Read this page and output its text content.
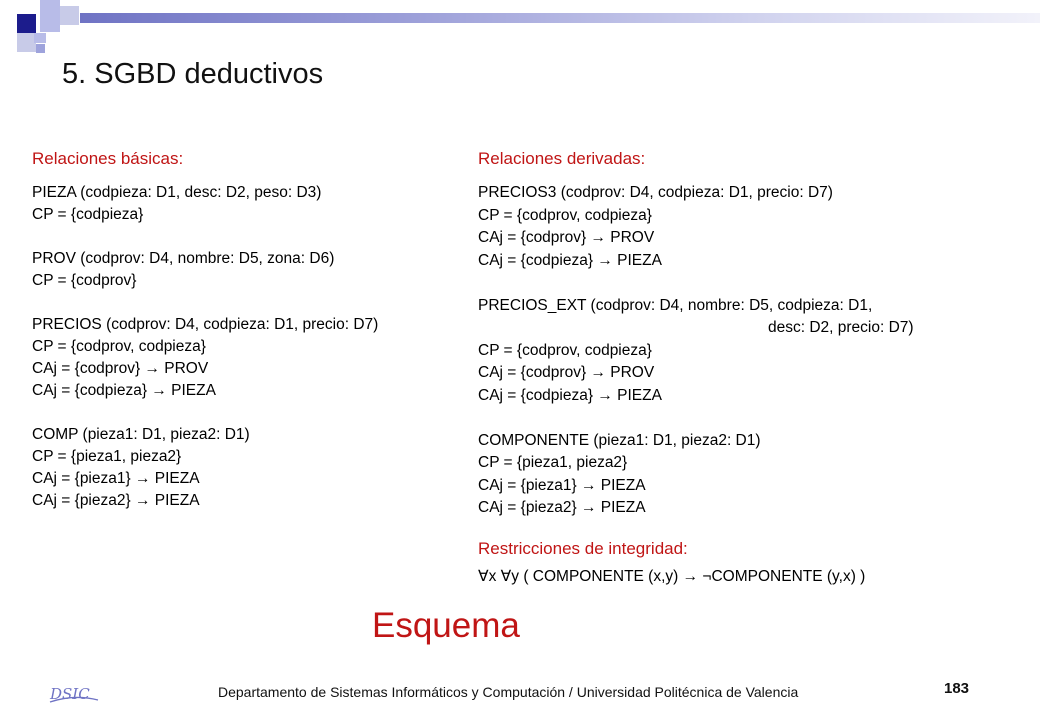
5. SGBD deductivos
Relaciones básicas:
PIEZA (codpieza: D1, desc: D2, peso: D3)
CP = {codpieza}
PROV (codprov: D4, nombre: D5, zona: D6)
CP = {codprov}
PRECIOS (codprov: D4, codpieza: D1, precio: D7)
CP = {codprov, codpieza}
CAj = {codprov} → PROV
CAj = {codpieza} → PIEZA
COMP (pieza1: D1, pieza2: D1)
CP = {pieza1, pieza2}
CAj = {pieza1} → PIEZA
CAj = {pieza2} → PIEZA
Relaciones derivadas:
PRECIOS3 (codprov: D4, codpieza: D1, precio: D7)
CP = {codprov, codpieza}
CAj = {codprov} → PROV
CAj = {codpieza} → PIEZA
PRECIOS_EXT (codprov: D4, nombre: D5, codpieza: D1,
desc: D2, precio: D7)
CP = {codprov, codpieza}
CAj = {codprov} → PROV
CAj = {codpieza} → PIEZA
COMPONENTE (pieza1: D1, pieza2: D1)
CP = {pieza1, pieza2}
CAj = {pieza1} → PIEZA
CAj = {pieza2} → PIEZA
Restricciones de integridad:
∀x ∀y ( COMPONENTE (x,y) → ¬COMPONENTE (y,x) )
Esquema
DSIC	Departamento de Sistemas Informáticos y Computación / Universidad Politécnica de Valencia	183
